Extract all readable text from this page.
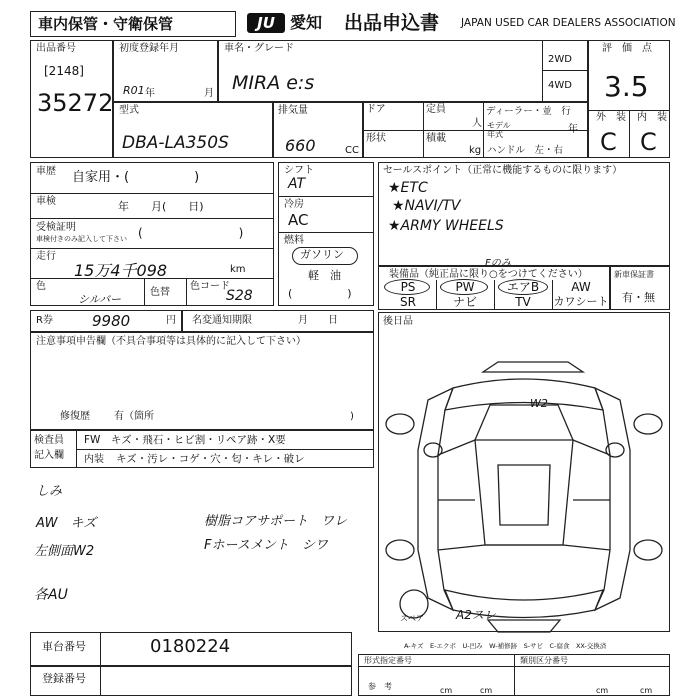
車内保管・守衛保管	JU 愛知 出品申込書 JAPAN USED CAR DEALERS ASSOCIATION
出品番号
[2148]
35272
初度登録年月
R01 年	月
車名・グレード
MIRA e:s
2WD
4WD
評　価　点
3.5
外　装 内　装
C C
型式
DBA-LA350S
排気量
660	CC
ドア	定員
人
ディーラー・並　行
形状	積載
kg
モデル年式	年
ハンドル　左・右
車歴 自家用・(　　　　　)
車検	年　　月(　　日)
受検証明
車検付きのみ記入して下さい (　　　　　　　　)
走行
15万4千098	km
色
シルバー
色替
色コード
S28
シフト
AT
冷房
AC
燃料
ガソリン
軽　油
(　　　　　)
セールスポイント（正常に機能するものに限ります）
★ETC
★NAVI/TV
★ARMY WHEELS
装備品（純正品に限り○をつけてください）
Fのみ
PS	PW	エアB	AW
SR	ナビ	TV	カワシート
新車保証書
有・無
R券	9980	円 名変通知期限	月　　日
注意事項申告欄（不具合事項等は具体的に記入して下さい）
修復歴 有（箇所	)
後日品
W2
スペア	A2スレ
検査員
記入欄
FW　キズ・飛石・ヒビ割・リペア跡・X要
内装 キズ・汚レ・コゲ・穴・匂・キレ・破レ
しみ
AW　キズ	樹脂コアサポート　ワレ
左側面W2	Fホースメント　シワ
各AU
車台番号	0180224
登録番号
A-キズ　E-エクボ　U-凹み　W-補修跡　S-サビ　C-腐食　XX-交換済
形式指定番号	類別区分番号
参　考	cm	cm	cm	cm
